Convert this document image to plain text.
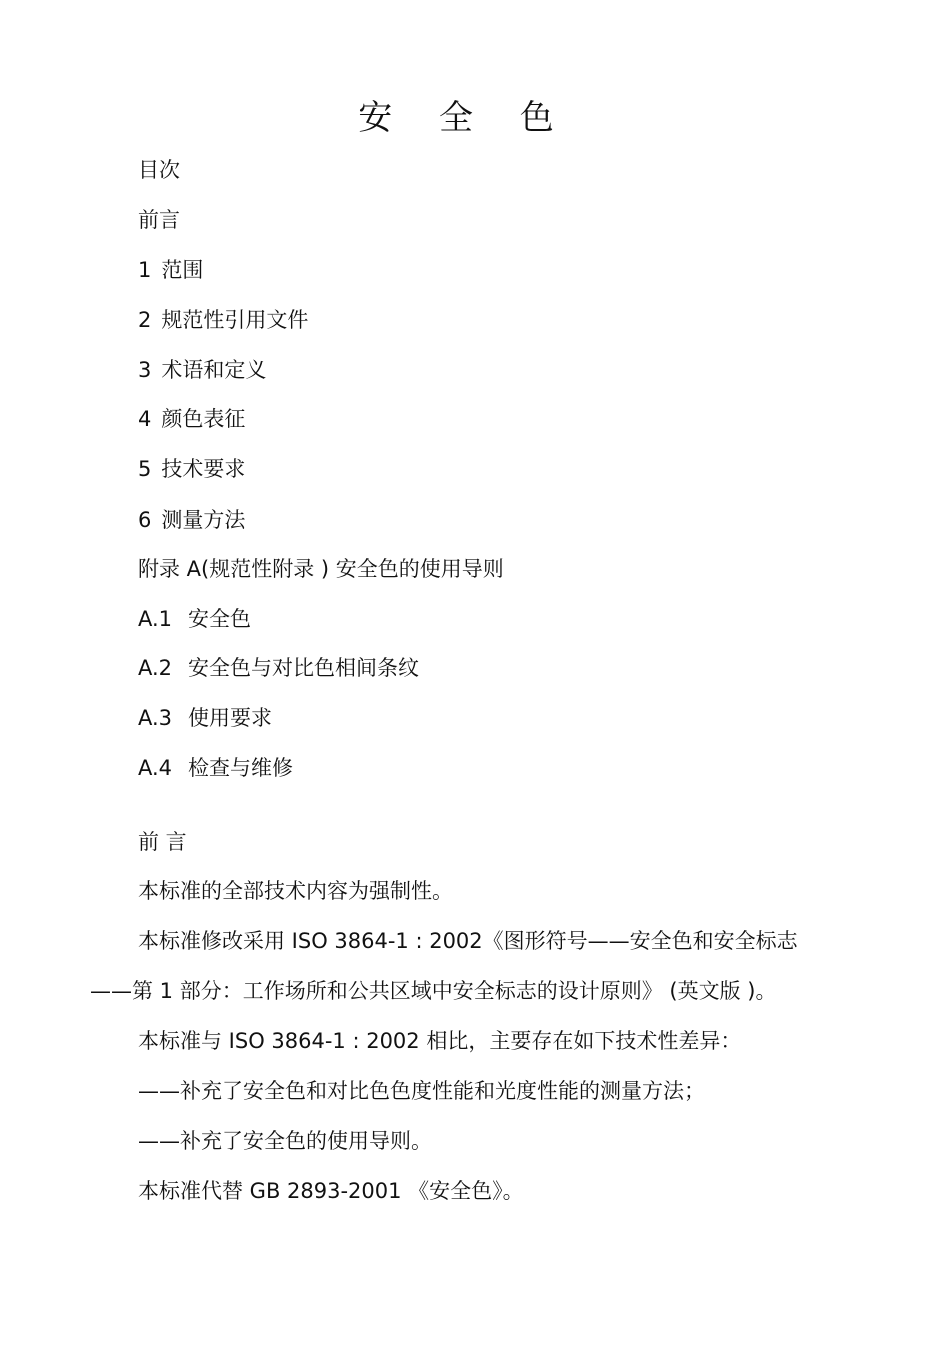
安 全 色
目次
前言
1 范围
2 规范性引用文件
3 术语和定义
4 颜色表征
5 技术要求
6 测量方法
附录 A(规范性附录 ) 安全色的使用导则
A.1 安全色
A.2 安全色与对比色相间条纹
A.3 使用要求
A.4 检查与维修
前 言
本标准的全部技术内容为强制性。
本标准修改采用 ISO 3864-1 : 2002《图形符号——安全色和安全标志
——第 1 部分：工作场所和公共区域中安全标志的设计原则》 (英文版 )。
本标准与 ISO 3864-1 : 2002 相比，主要存在如下技术性差异：
——补充了安全色和对比色色度性能和光度性能的测量方法；
——补充了安全色的使用导则。
本标准代替 GB 2893-2001 《安全色》。
